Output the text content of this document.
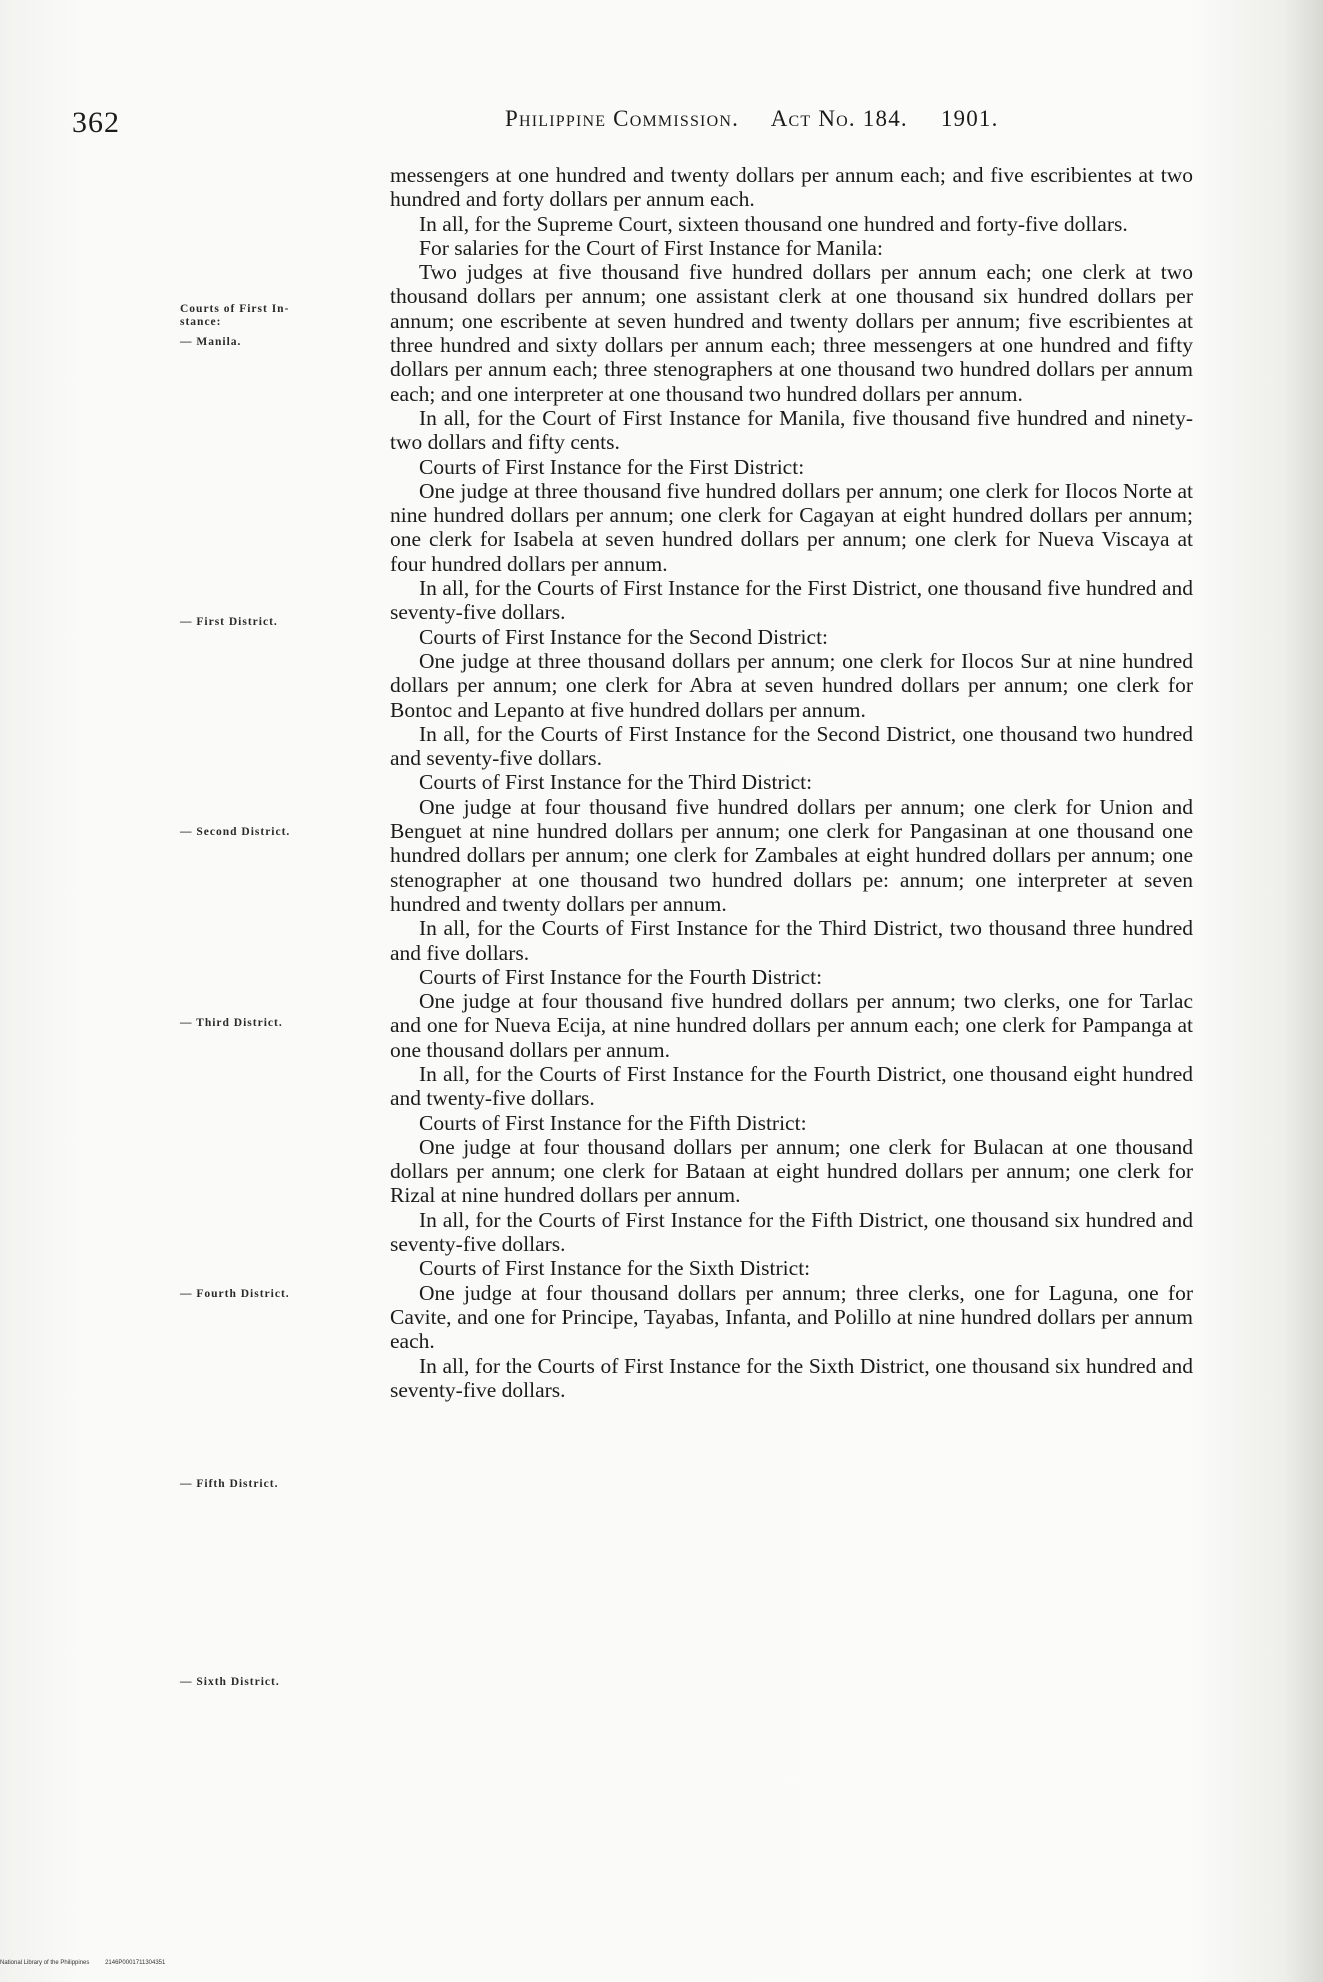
362	Philippine Commission. Act No. 184. 1901.
Courts of First In-
stance:
— Manila.
— First District.
— Second District.
— Third District.
— Fourth District.
— Fifth District.
— Sixth District.

messengers at one hundred and twenty dollars per annum each; and five escribientes at two hundred and forty dollars per annum each.

In all, for the Supreme Court, sixteen thousand one hundred and forty-five dollars.

For salaries for the Court of First Instance for Manila:

Two judges at five thousand five hundred dollars per annum each; one clerk at two thousand dollars per annum; one assistant clerk at one thousand six hundred dollars per annum; one escribente at seven hundred and twenty dollars per annum; five escribientes at three hundred and sixty dollars per annum each; three messengers at one hundred and fifty dollars per annum each; three stenographers at one thousand two hundred dollars per annum each; and one interpreter at one thousand two hundred dollars per annum.

In all, for the Court of First Instance for Manila, five thousand five hundred and ninety-two dollars and fifty cents.

Courts of First Instance for the First District:

One judge at three thousand five hundred dollars per annum; one clerk for Ilocos Norte at nine hundred dollars per annum; one clerk for Cagayan at eight hundred dollars per annum; one clerk for Isabela at seven hundred dollars per annum; one clerk for Nueva Viscaya at four hundred dollars per annum.

In all, for the Courts of First Instance for the First District, one thousand five hundred and seventy-five dollars.

Courts of First Instance for the Second District:

One judge at three thousand dollars per annum; one clerk for Ilocos Sur at nine hundred dollars per annum; one clerk for Abra at seven hundred dollars per annum; one clerk for Bontoc and Lepanto at five hundred dollars per annum.

In all, for the Courts of First Instance for the Second District, one thousand two hundred and seventy-five dollars.

Courts of First Instance for the Third District:

One judge at four thousand five hundred dollars per annum; one clerk for Union and Benguet at nine hundred dollars per annum; one clerk for Pangasinan at one thousand one hundred dollars per annum; one clerk for Zambales at eight hundred dollars per annum; one stenographer at one thousand two hundred dollars pe: annum; one interpreter at seven hundred and twenty dollars per annum.

In all, for the Courts of First Instance for the Third District, two thousand three hundred and five dollars.

Courts of First Instance for the Fourth District:

One judge at four thousand five hundred dollars per annum; two clerks, one for Tarlac and one for Nueva Ecija, at nine hundred dollars per annum each; one clerk for Pampanga at one thousand dollars per annum.

In all, for the Courts of First Instance for the Fourth District, one thousand eight hundred and twenty-five dollars.

Courts of First Instance for the Fifth District:

One judge at four thousand dollars per annum; one clerk for Bulacan at one thousand dollars per annum; one clerk for Bataan at eight hundred dollars per annum; one clerk for Rizal at nine hundred dollars per annum.

In all, for the Courts of First Instance for the Fifth District, one thousand six hundred and seventy-five dollars.

Courts of First Instance for the Sixth District:

One judge at four thousand dollars per annum; three clerks, one for Laguna, one for Cavite, and one for Principe, Tayabas, Infanta, and Polillo at nine hundred dollars per annum each.

In all, for the Courts of First Instance for the Sixth District, one thousand six hundred and seventy-five dollars.

National Library of the Philippines	2146P0001711304351
